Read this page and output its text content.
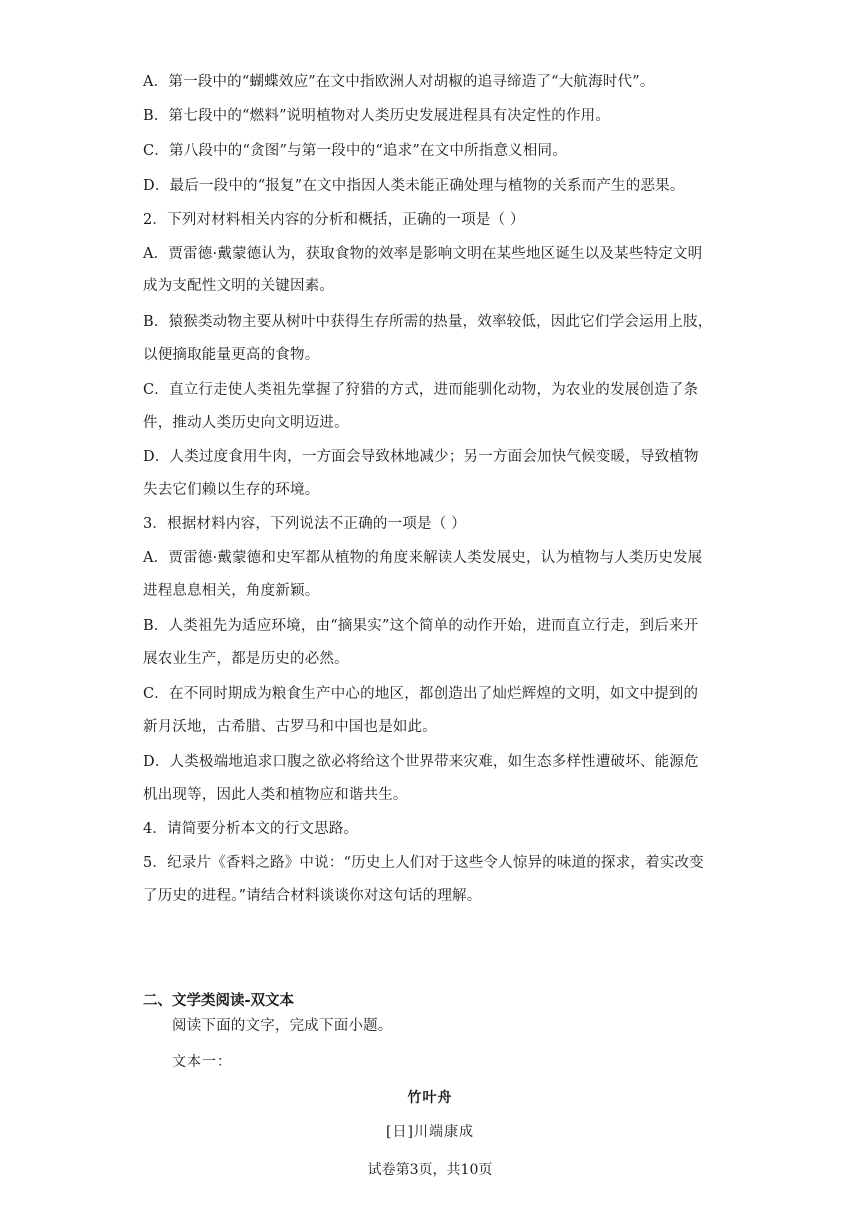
A．第一段中的“蝴蝶效应”在文中指欧洲人对胡椒的追寻缔造了“大航海时代”。
B．第七段中的“燃料”说明植物对人类历史发展进程具有决定性的作用。
C．第八段中的“贪图”与第一段中的“追求”在文中所指意义相同。
D．最后一段中的“报复”在文中指因人类未能正确处理与植物的关系而产生的恶果。
2．下列对材料相关内容的分析和概括，正确的一项是（ ）
A．贾雷德·戴蒙德认为，获取食物的效率是影响文明在某些地区诞生以及某些特定文明
成为支配性文明的关键因素。
B．猿猴类动物主要从树叶中获得生存所需的热量，效率较低，因此它们学会运用上肢，
以便摘取能量更高的食物。
C．直立行走使人类祖先掌握了狩猎的方式，进而能驯化动物，为农业的发展创造了条
件，推动人类历史向文明迈进。
D．人类过度食用牛肉，一方面会导致林地减少；另一方面会加快气候变暖，导致植物
失去它们赖以生存的环境。
3．根据材料内容，下列说法不正确的一项是（ ）
A．贾雷德·戴蒙德和史军都从植物的角度来解读人类发展史，认为植物与人类历史发展
进程息息相关，角度新颖。
B．人类祖先为适应环境，由“摘果实”这个简单的动作开始，进而直立行走，到后来开
展农业生产，都是历史的必然。
C．在不同时期成为粮食生产中心的地区，都创造出了灿烂辉煌的文明，如文中提到的
新月沃地，古希腊、古罗马和中国也是如此。
D．人类极端地追求口腹之欲必将给这个世界带来灾难，如生态多样性遭破坏、能源危
机出现等，因此人类和植物应和谐共生。
4．请简要分析本文的行文思路。
5．纪录片《香料之路》中说：“历史上人们对于这些令人惊异的味道的探求，着实改变
了历史的进程。”请结合材料谈谈你对这句话的理解。
二、文学类阅读-双文本
阅读下面的文字，完成下面小题。
文本一：
竹叶舟
[日]川端康成
试卷第3页，共10页
